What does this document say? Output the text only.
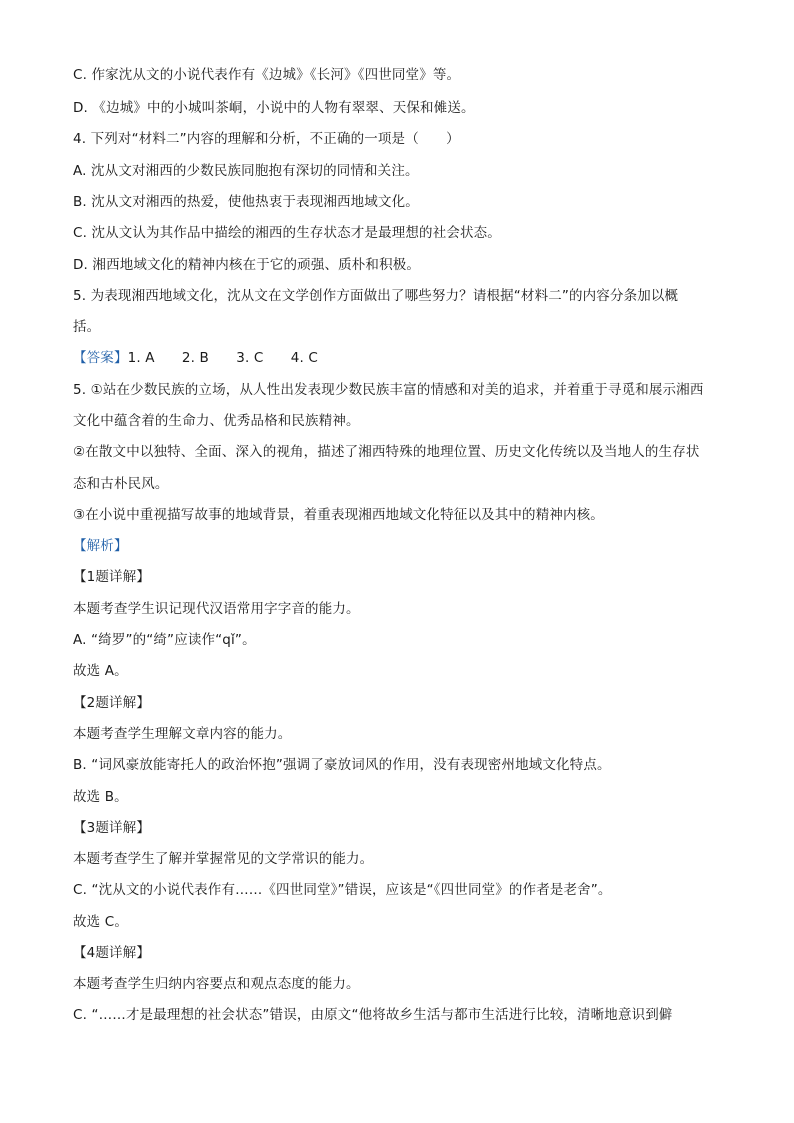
C. 作家沈从文的小说代表作有《边城》《长河》《四世同堂》等。
D. 《边城》中的小城叫茶峒，小说中的人物有翠翠、天保和傩送。
4. 下列对“材料二”内容的理解和分析，不正确的一项是（　　）
A. 沈从文对湘西的少数民族同胞抱有深切的同情和关注。
B. 沈从文对湘西的热爱，使他热衷于表现湘西地域文化。
C. 沈从文认为其作品中描绘的湘西的生存状态才是最理想的社会状态。
D. 湘西地域文化的精神内核在于它的顽强、质朴和积极。
5. 为表现湘西地域文化，沈从文在文学创作方面做出了哪些努力？请根据“材料二”的内容分条加以概
括。
【答案】1. A　　2. B　　3. C　　4. C
5. ①站在少数民族的立场，从人性出发表现少数民族丰富的情感和对美的追求，并着重于寻觅和展示湘西
文化中蕴含着的生命力、优秀品格和民族精神。
②在散文中以独特、全面、深入的视角，描述了湘西特殊的地理位置、历史文化传统以及当地人的生存状
态和古朴民风。
③在小说中重视描写故事的地域背景，着重表现湘西地域文化特征以及其中的精神内核。
【解析】
【1题详解】
本题考查学生识记现代汉语常用字字音的能力。
A. “绮罗”的“绮”应读作“qǐ”。
故选 A。
【2题详解】
本题考查学生理解文章内容的能力。
B. “词风豪放能寄托人的政治怀抱”强调了豪放词风的作用，没有表现密州地域文化特点。
故选 B。
【3题详解】
本题考查学生了解并掌握常见的文学常识的能力。
C. “沈从文的小说代表作有……《四世同堂》”错误，应该是“《四世同堂》的作者是老舍”。
故选 C。
【4题详解】
本题考查学生归纳内容要点和观点态度的能力。
C. “……才是最理想的社会状态”错误，由原文“他将故乡生活与都市生活进行比较，清晰地意识到僻
